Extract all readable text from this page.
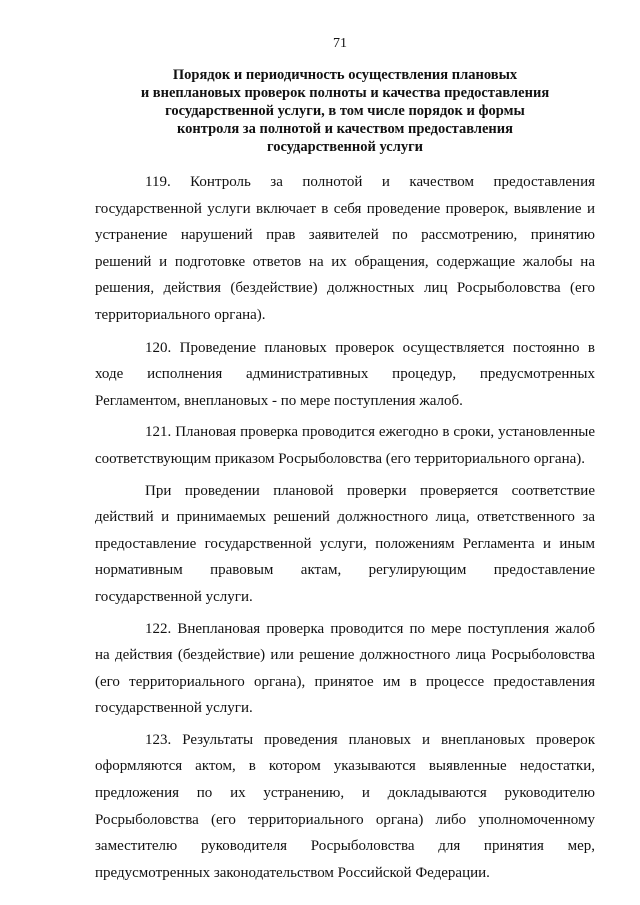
71
Порядок и периодичность осуществления плановых
и внеплановых проверок полноты и качества предоставления
государственной услуги, в том числе порядок и формы
контроля за полнотой и качеством предоставления
государственной услуги

119. Контроль за полнотой и качеством предоставления государственной услуги включает в себя проведение проверок, выявление и устранение нарушений прав заявителей по рассмотрению, принятию решений и подготовке ответов на их обращения, содержащие жалобы на решения, действия (бездействие) должностных лиц Росрыболовства (его территориального органа).

120. Проведение плановых проверок осуществляется постоянно в ходе исполнения административных процедур, предусмотренных Регламентом, внеплановых - по мере поступления жалоб.

121. Плановая проверка проводится ежегодно в сроки, установленные соответствующим приказом Росрыболовства (его территориального органа).

При проведении плановой проверки проверяется соответствие действий и принимаемых решений должностного лица, ответственного за предоставление государственной услуги, положениям Регламента и иным нормативным правовым актам, регулирующим предоставление государственной услуги.

122. Внеплановая проверка проводится по мере поступления жалоб на действия (бездействие) или решение должностного лица Росрыболовства (его территориального органа), принятое им в процессе предоставления государственной услуги.

123. Результаты проведения плановых и внеплановых проверок оформляются актом, в котором указываются выявленные недостатки, предложения по их устранению, и докладываются руководителю Росрыболовства (его территориального органа) либо уполномоченному заместителю руководителя Росрыболовства для принятия мер, предусмотренных законодательством Российской Федерации.
